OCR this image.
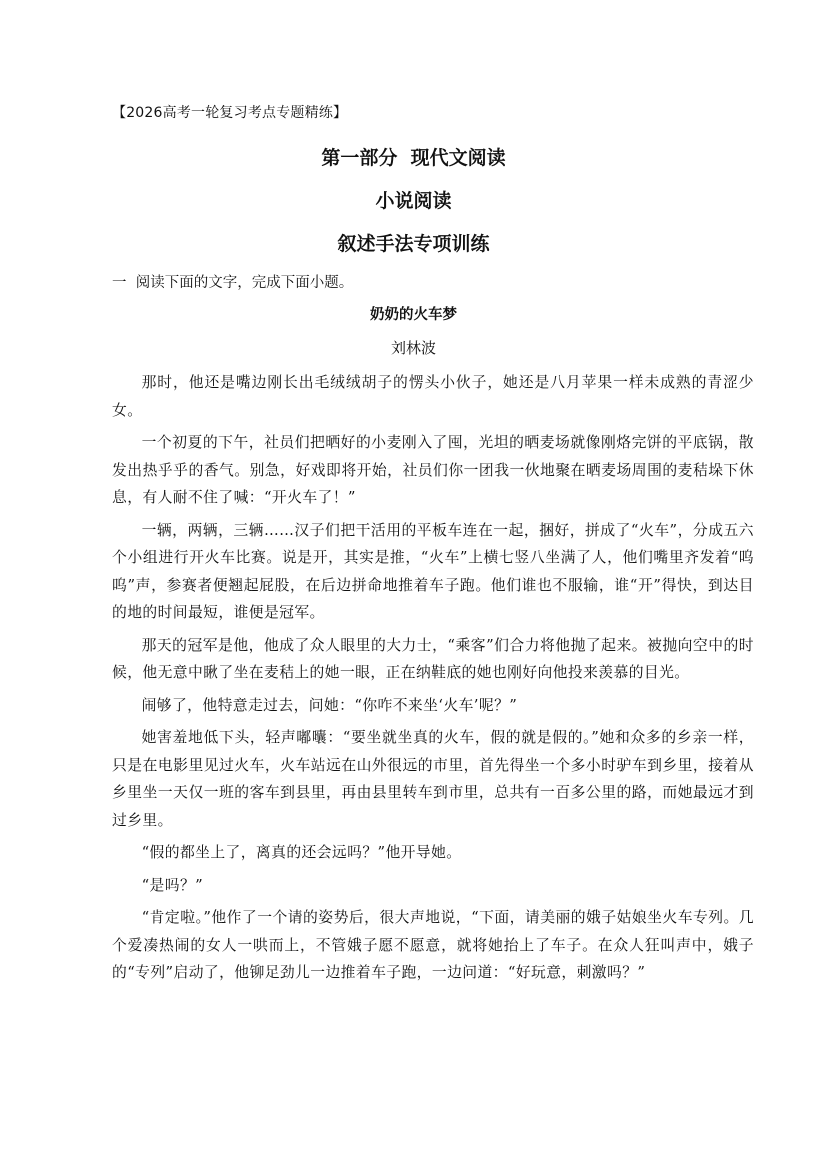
【2026高考一轮复习考点专题精练】
第一部分  现代文阅读
小说阅读
叙述手法专项训练
一  阅读下面的文字，完成下面小题。
奶奶的火车梦
刘林波

那时，他还是嘴边刚长出毛绒绒胡子的愣头小伙子，她还是八月苹果一样未成熟的青涩少女。

一个初夏的下午，社员们把晒好的小麦刚入了囤，光坦的晒麦场就像刚烙完饼的平底锅，散发出热乎乎的香气。别急，好戏即将开始，社员们你一团我一伙地聚在晒麦场周围的麦秸垛下休息，有人耐不住了喊：“开火车了！”

一辆，两辆，三辆……汉子们把干活用的平板车连在一起，捆好，拼成了“火车”，分成五六个小组进行开火车比赛。说是开，其实是推，“火车”上横七竖八坐满了人，他们嘴里齐发着“呜呜”声，参赛者便翘起屁股，在后边拼命地推着车子跑。他们谁也不服输，谁“开”得快，到达目的地的时间最短，谁便是冠军。

那天的冠军是他，他成了众人眼里的大力士，“乘客”们合力将他抛了起来。被抛向空中的时候，他无意中瞅了坐在麦秸上的她一眼，正在纳鞋底的她也刚好向他投来羡慕的目光。

闹够了，他特意走过去，问她：“你咋不来坐‘火车’呢？”

她害羞地低下头，轻声嘟囔：“要坐就坐真的火车，假的就是假的。”她和众多的乡亲一样，只是在电影里见过火车，火车站远在山外很远的市里，首先得坐一个多小时驴车到乡里，接着从乡里坐一天仅一班的客车到县里，再由县里转车到市里，总共有一百多公里的路，而她最远才到过乡里。

“假的都坐上了，离真的还会远吗？”他开导她。

“是吗？”

“肯定啦。”他作了一个请的姿势后，很大声地说，“下面，请美丽的娥子姑娘坐火车专列。几个爱凑热闹的女人一哄而上，不管娥子愿不愿意，就将她抬上了车子。在众人狂叫声中，娥子的“专列”启动了，他铆足劲儿一边推着车子跑，一边问道：“好玩意，刺激吗？”
